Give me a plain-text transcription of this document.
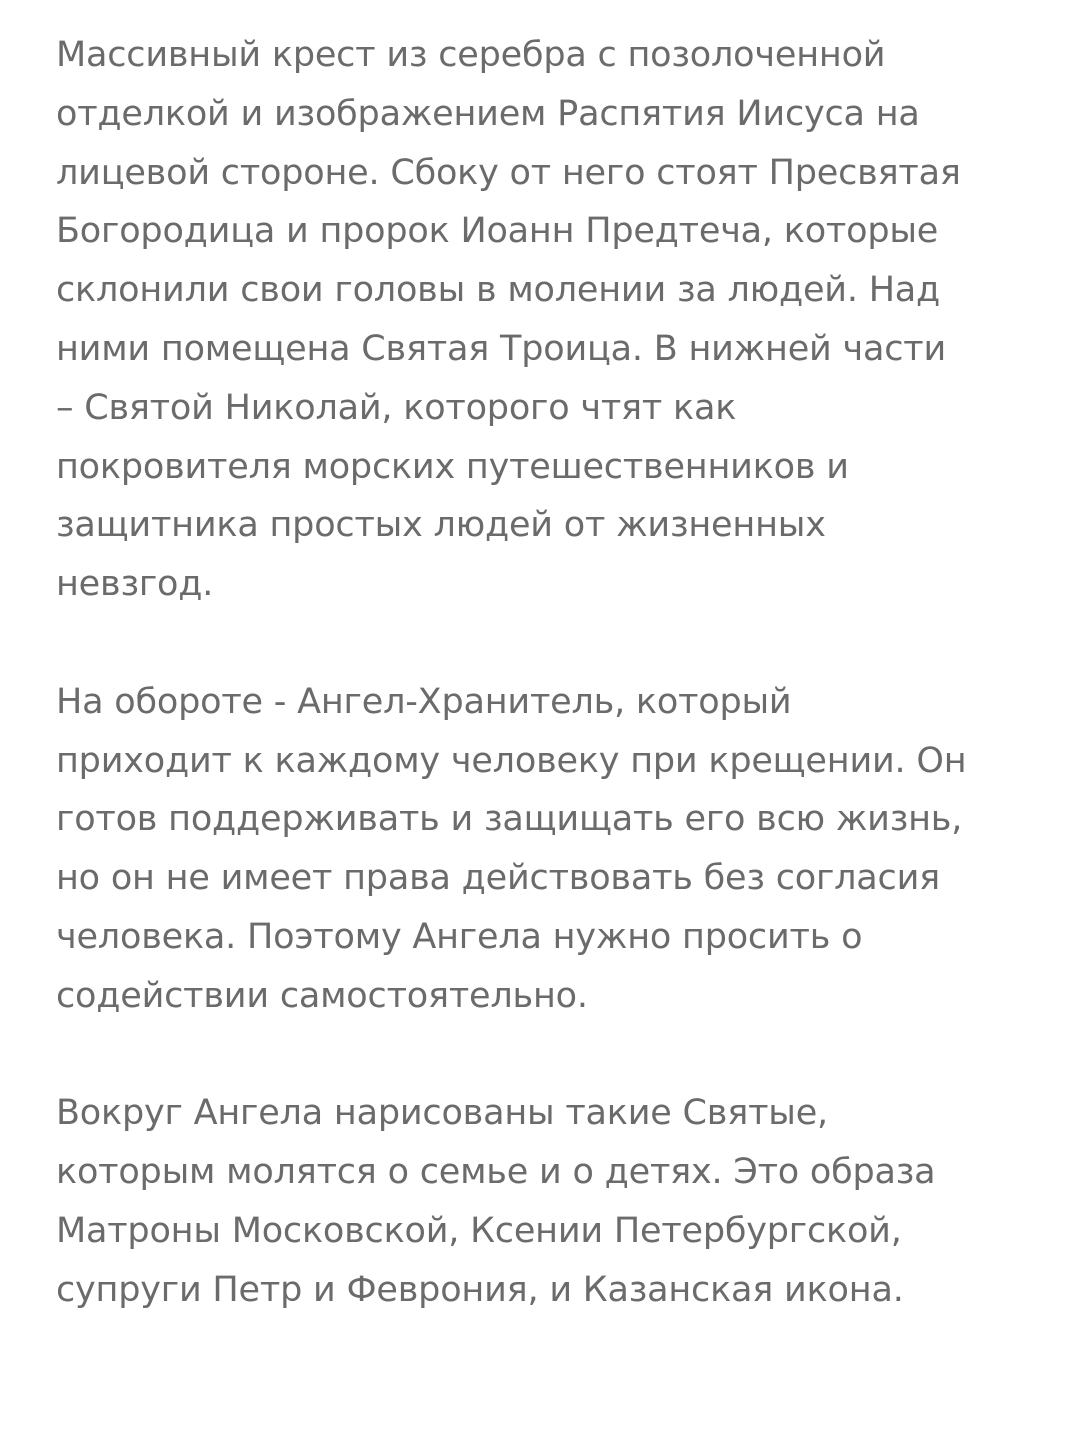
Массивный крест из серебра с позолоченной
отделкой и изображением Распятия Иисуса на
лицевой стороне. Сбоку от него стоят Пресвятая
Богородица и пророк Иоанн Предтеча, которые
склонили свои головы в молении за людей. Над
ними помещена Святая Троица. В нижней части
– Святой Николай, которого чтят как
покровителя морских путешественников и
защитника простых людей от жизненных
невзгод.
На обороте - Ангел-Хранитель, который
приходит к каждому человеку при крещении. Он
готов поддерживать и защищать его всю жизнь,
но он не имеет права действовать без согласия
человека. Поэтому Ангела нужно просить о
содействии самостоятельно.
Вокруг Ангела нарисованы такие Святые,
которым молятся о семье и о детях. Это образа
Матроны Московской, Ксении Петербургской,
супруги Петр и Феврония, и Казанская икона.
